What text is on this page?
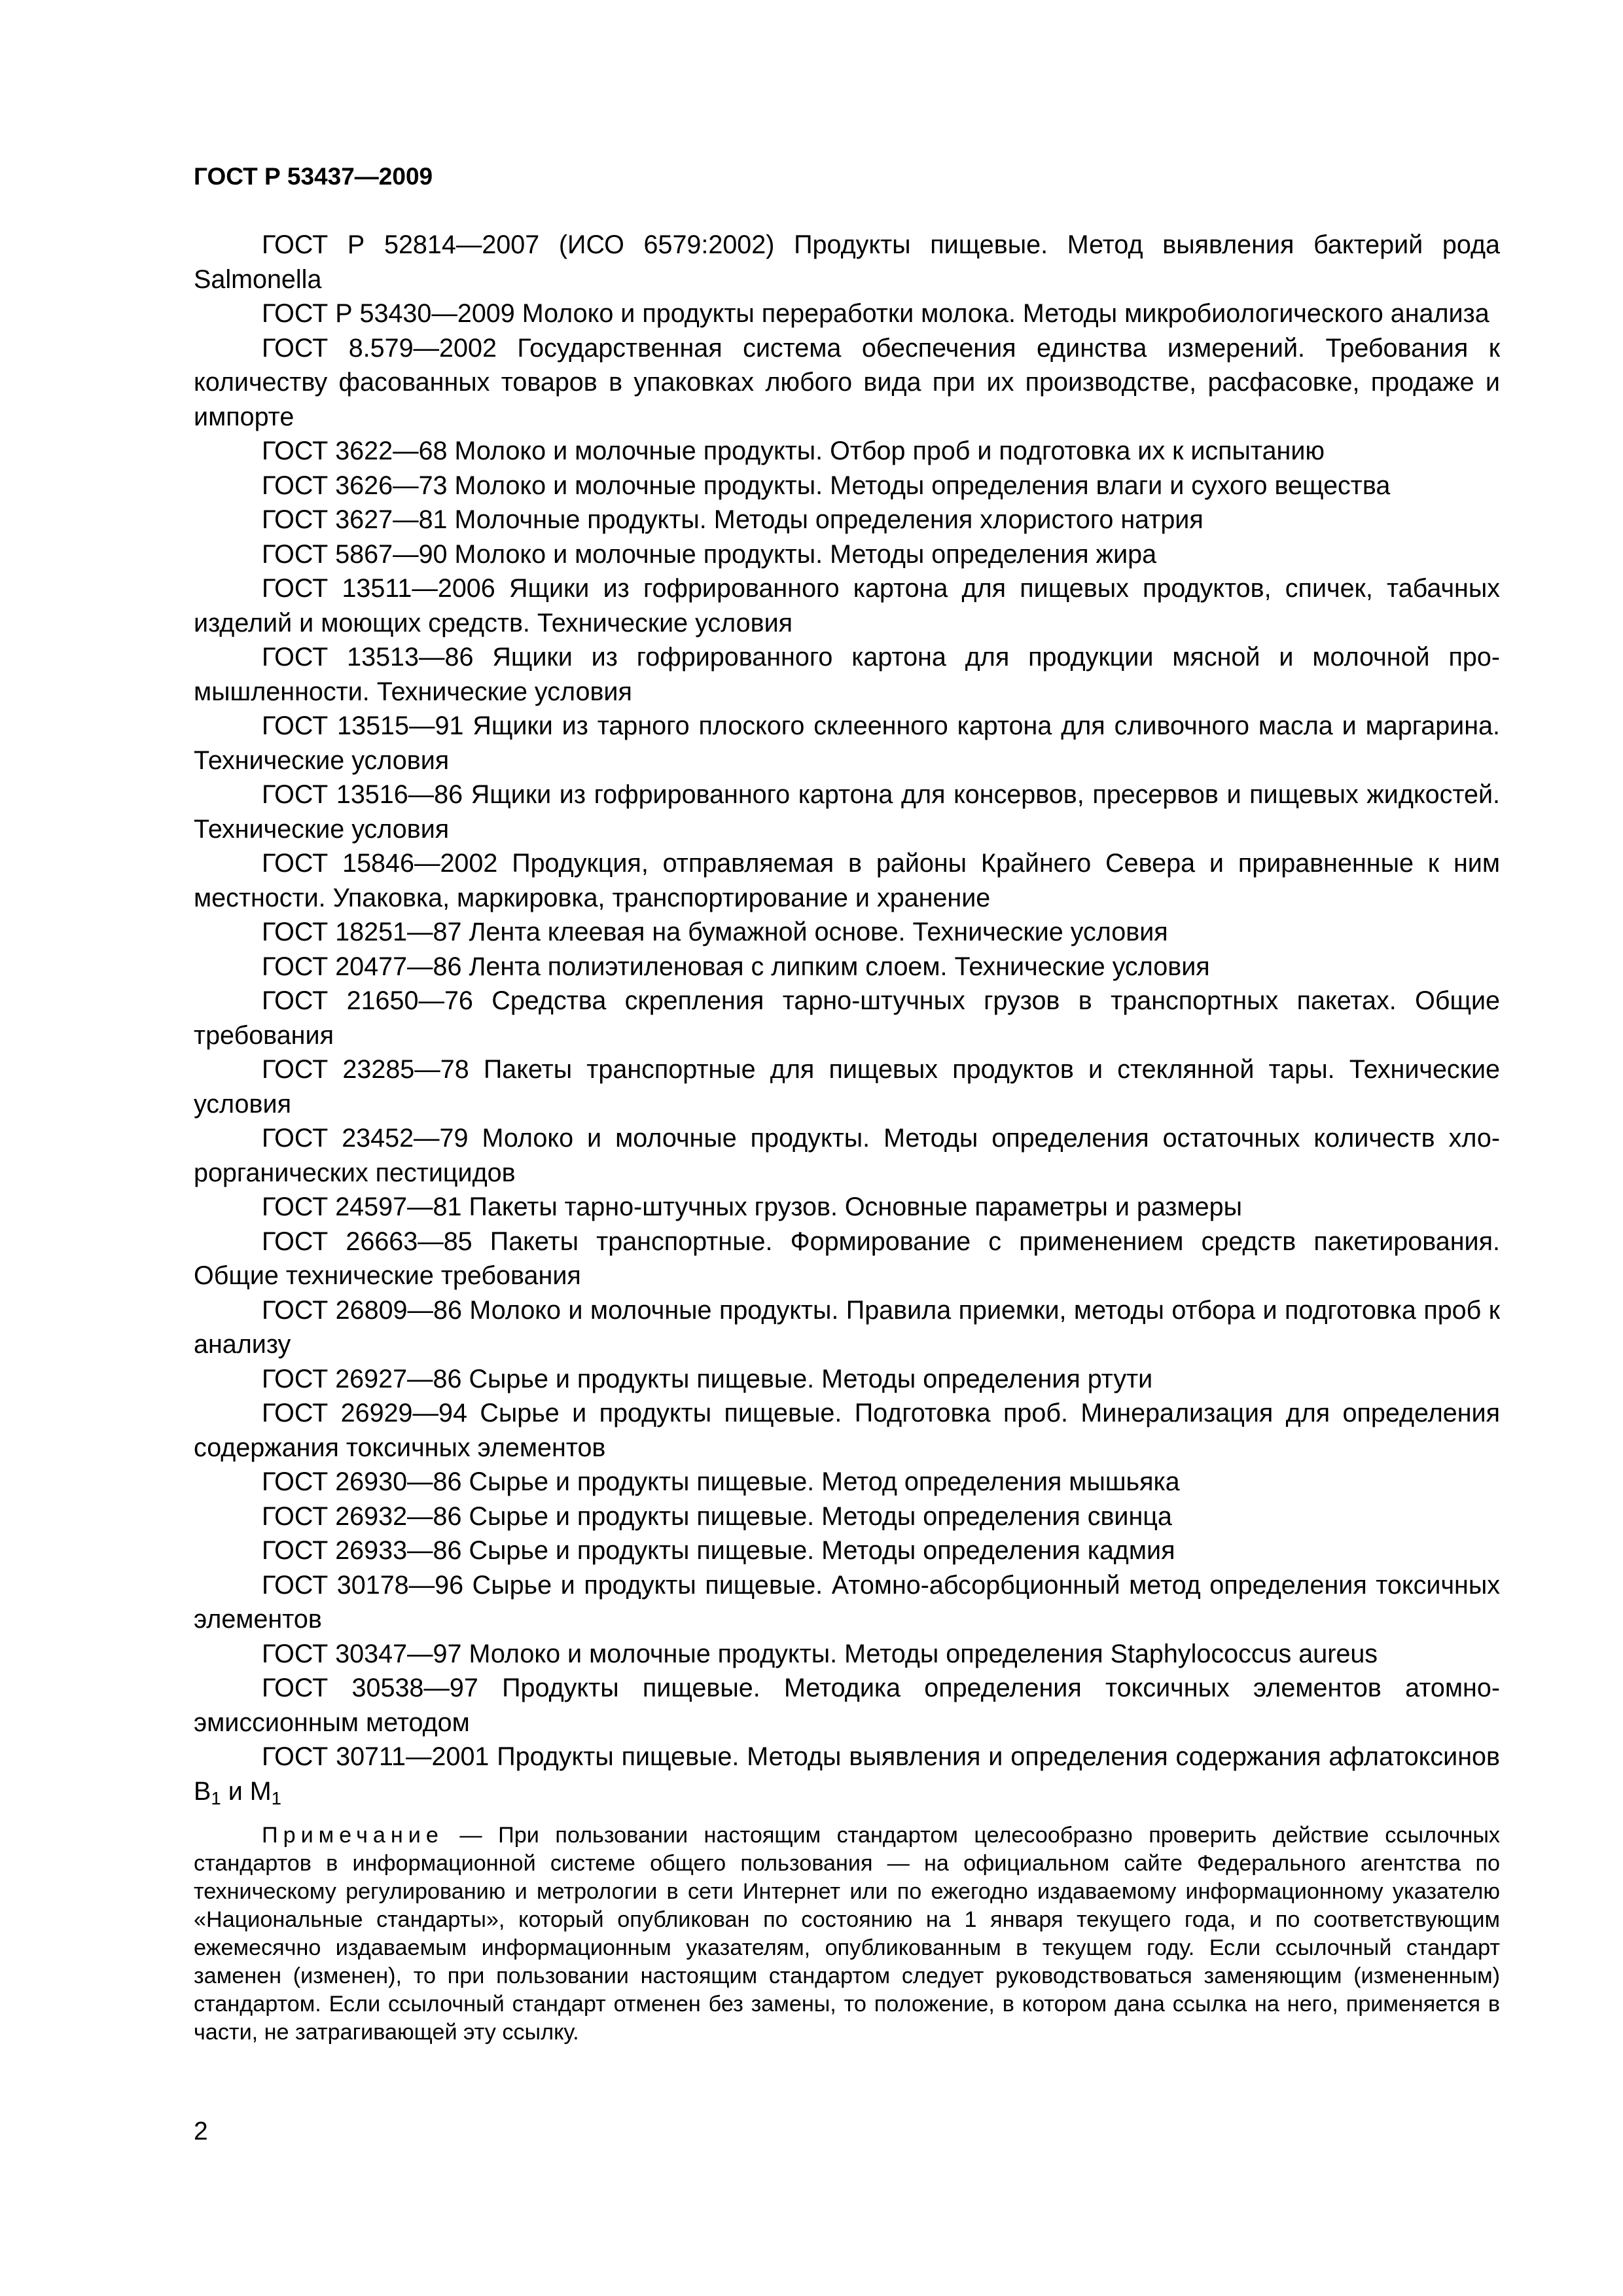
ГОСТ Р 53437—2009

ГОСТ Р 52814—2007 (ИСО 6579:2002) Продукты пищевые. Метод выявления бактерий рода Salmonella

ГОСТ Р 53430—2009 Молоко и продукты переработки молока. Методы микробиологического анализа

ГОСТ 8.579—2002 Государственная система обеспечения единства измерений. Требования к количеству фасованных товаров в упаковках любого вида при их производстве, расфасовке, продаже и импорте

ГОСТ 3622—68 Молоко и молочные продукты. Отбор проб и подготовка их к испытанию

ГОСТ 3626—73 Молоко и молочные продукты. Методы определения влаги и сухого вещества

ГОСТ 3627—81 Молочные продукты. Методы определения хлористого натрия

ГОСТ 5867—90 Молоко и молочные продукты. Методы определения жира

ГОСТ 13511—2006 Ящики из гофрированного картона для пищевых продуктов, спичек, табачных изделий и моющих средств. Технические условия

ГОСТ 13513—86 Ящики из гофрированного картона для продукции мясной и молочной промышленности. Технические условия

ГОСТ 13515—91 Ящики из тарного плоского склеенного картона для сливочного масла и маргарина. Технические условия

ГОСТ 13516—86 Ящики из гофрированного картона для консервов, пресервов и пищевых жидкостей. Технические условия

ГОСТ 15846—2002 Продукция, отправляемая в районы Крайнего Севера и приравненные к ним местности. Упаковка, маркировка, транспортирование и хранение

ГОСТ 18251—87 Лента клеевая на бумажной основе. Технические условия

ГОСТ 20477—86 Лента полиэтиленовая с липким слоем. Технические условия

ГОСТ 21650—76 Средства скрепления тарно-штучных грузов в транспортных пакетах. Общие требования

ГОСТ 23285—78 Пакеты транспортные для пищевых продуктов и стеклянной тары. Технические условия

ГОСТ 23452—79 Молоко и молочные продукты. Методы определения остаточных количеств хлорорганических пестицидов

ГОСТ 24597—81 Пакеты тарно-штучных грузов. Основные параметры и размеры

ГОСТ 26663—85 Пакеты транспортные. Формирование с применением средств пакетирования. Общие технические требования

ГОСТ 26809—86 Молоко и молочные продукты. Правила приемки, методы отбора и подготовка проб к анализу

ГОСТ 26927—86 Сырье и продукты пищевые. Методы определения ртути

ГОСТ 26929—94 Сырье и продукты пищевые. Подготовка проб. Минерализация для определения содержания токсичных элементов

ГОСТ 26930—86 Сырье и продукты пищевые. Метод определения мышьяка

ГОСТ 26932—86 Сырье и продукты пищевые. Методы определения свинца

ГОСТ 26933—86 Сырье и продукты пищевые. Методы определения кадмия

ГОСТ 30178—96 Сырье и продукты пищевые. Атомно-абсорбционный метод определения токсичных элементов

ГОСТ 30347—97 Молоко и молочные продукты. Методы определения Staphylococcus aureus

ГОСТ 30538—97 Продукты пищевые. Методика определения токсичных элементов атомно-эмиссионным методом

ГОСТ 30711—2001 Продукты пищевые. Методы выявления и определения содержания афлатоксинов $B_1$ и $M_1$

Примечание — При пользовании настоящим стандартом целесообразно проверить действие ссылочных стандартов в информационной системе общего пользования — на официальном сайте Федерального агентства по техническому регулированию и метрологии в сети Интернет или по ежегодно издаваемому информационному указателю «Национальные стандарты», который опубликован по состоянию на 1 января текущего года, и по соответствующим ежемесячно издаваемым информационным указателям, опубликованным в текущем году. Если ссылочный стандарт заменен (изменен), то при пользовании настоящим стандартом следует руководствоваться заменяющим (измененным) стандартом. Если ссылочный стандарт отменен без замены, то положение, в котором дана ссылка на него, применяется в части, не затрагивающей эту ссылку.

2
